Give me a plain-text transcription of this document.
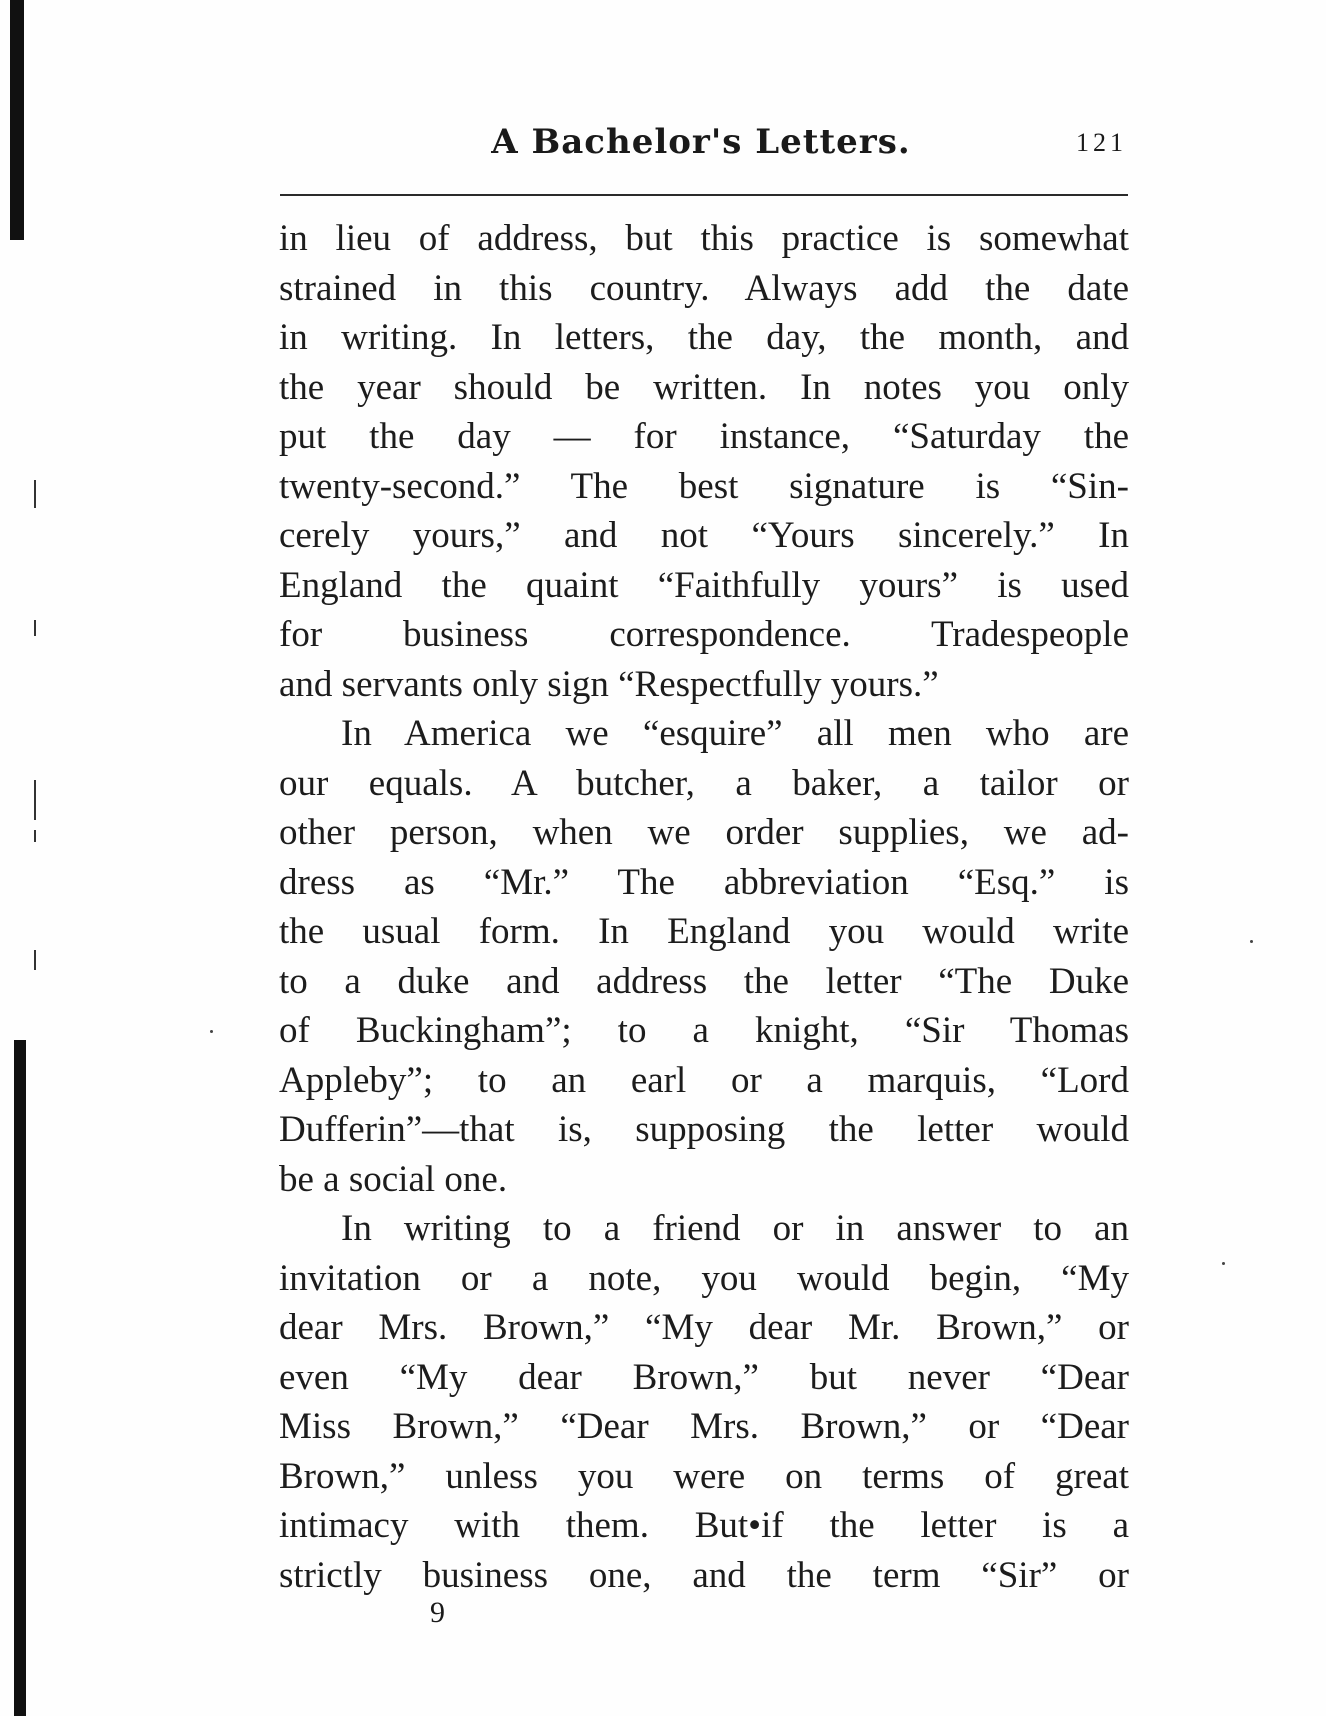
A Bachelor's Letters.	121
in lieu of address, but this practice is somewhat
strained in this country. Always add the date
in writing. In letters, the day, the month, and
the year should be written. In notes you only
put the day — for instance, “Saturday the
twenty-second.” The best signature is “Sin-
cerely yours,” and not “Yours sincerely.” In
England the quaint “Faithfully yours” is used
for business correspondence. Tradespeople
and servants only sign “Respectfully yours.”
In America we “esquire” all men who are
our equals. A butcher, a baker, a tailor or
other person, when we order supplies, we ad-
dress as “Mr.” The abbreviation “Esq.” is
the usual form. In England you would write
to a duke and address the letter “The Duke
of Buckingham”; to a knight, “Sir Thomas
Appleby”; to an earl or a marquis, “Lord
Dufferin”—that is, supposing the letter would
be a social one.
In writing to a friend or in answer to an
invitation or a note, you would begin, “My
dear Mrs. Brown,” “My dear Mr. Brown,” or
even “My dear Brown,” but never “Dear
Miss Brown,” “Dear Mrs. Brown,” or “Dear
Brown,” unless you were on terms of great
intimacy with them. But•if the letter is a
strictly business one, and the term “Sir” or
9
